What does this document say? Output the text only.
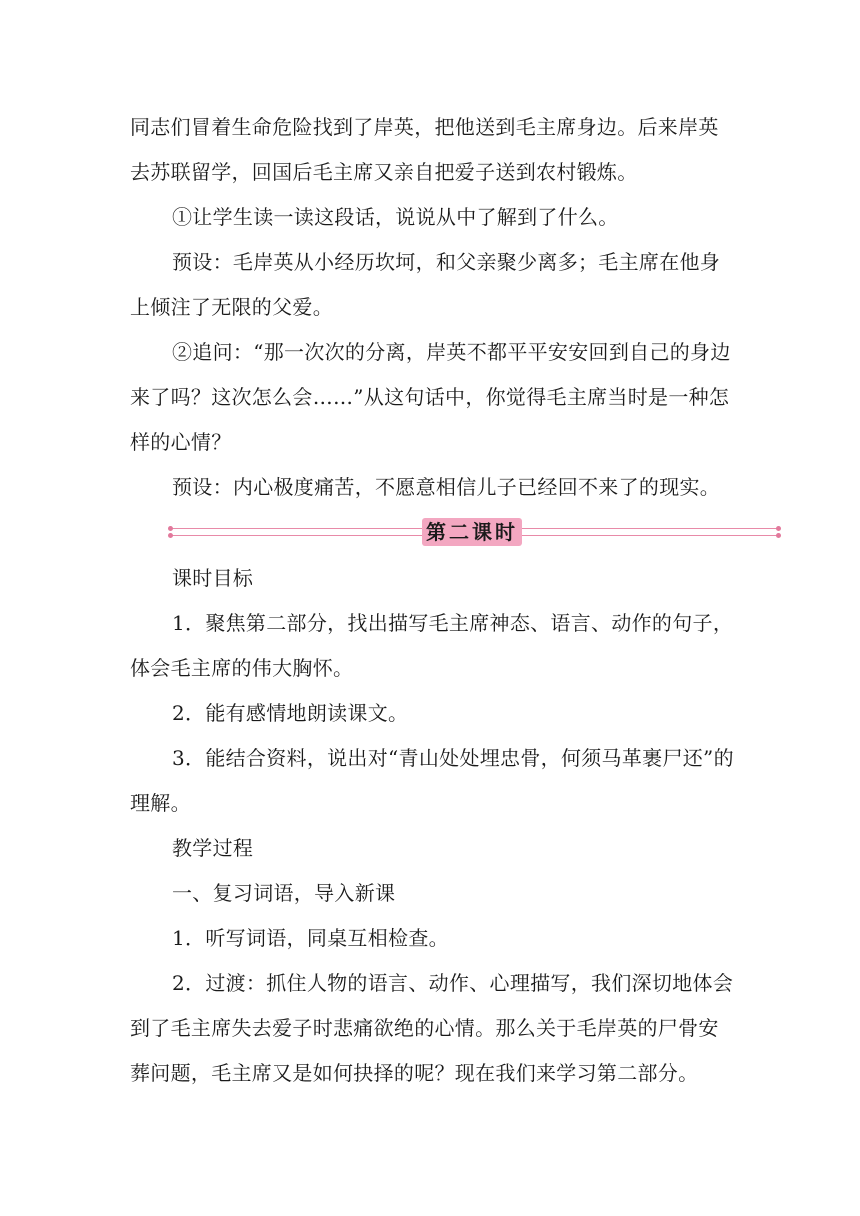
同志们冒着生命危险找到了岸英，把他送到毛主席身边。后来岸英去苏联留学，回国后毛主席又亲自把爱子送到农村锻炼。

①让学生读一读这段话，说说从中了解到了什么。

预设：毛岸英从小经历坎坷，和父亲聚少离多；毛主席在他身上倾注了无限的父爱。

②追问：“那一次次的分离，岸英不都平平安安回到自己的身边来了吗？这次怎么会……”从这句话中，你觉得毛主席当时是一种怎样的心情？

预设：内心极度痛苦，不愿意相信儿子已经回不来了的现实。

第二课时

课时目标

1．聚焦第二部分，找出描写毛主席神态、语言、动作的句子，体会毛主席的伟大胸怀。

2．能有感情地朗读课文。

3．能结合资料，说出对“青山处处埋忠骨，何须马革裹尸还”的理解。

教学过程

一、复习词语，导入新课

1．听写词语，同桌互相检查。

2．过渡：抓住人物的语言、动作、心理描写，我们深切地体会到了毛主席失去爱子时悲痛欲绝的心情。那么关于毛岸英的尸骨安葬问题，毛主席又是如何抉择的呢？现在我们来学习第二部分。
